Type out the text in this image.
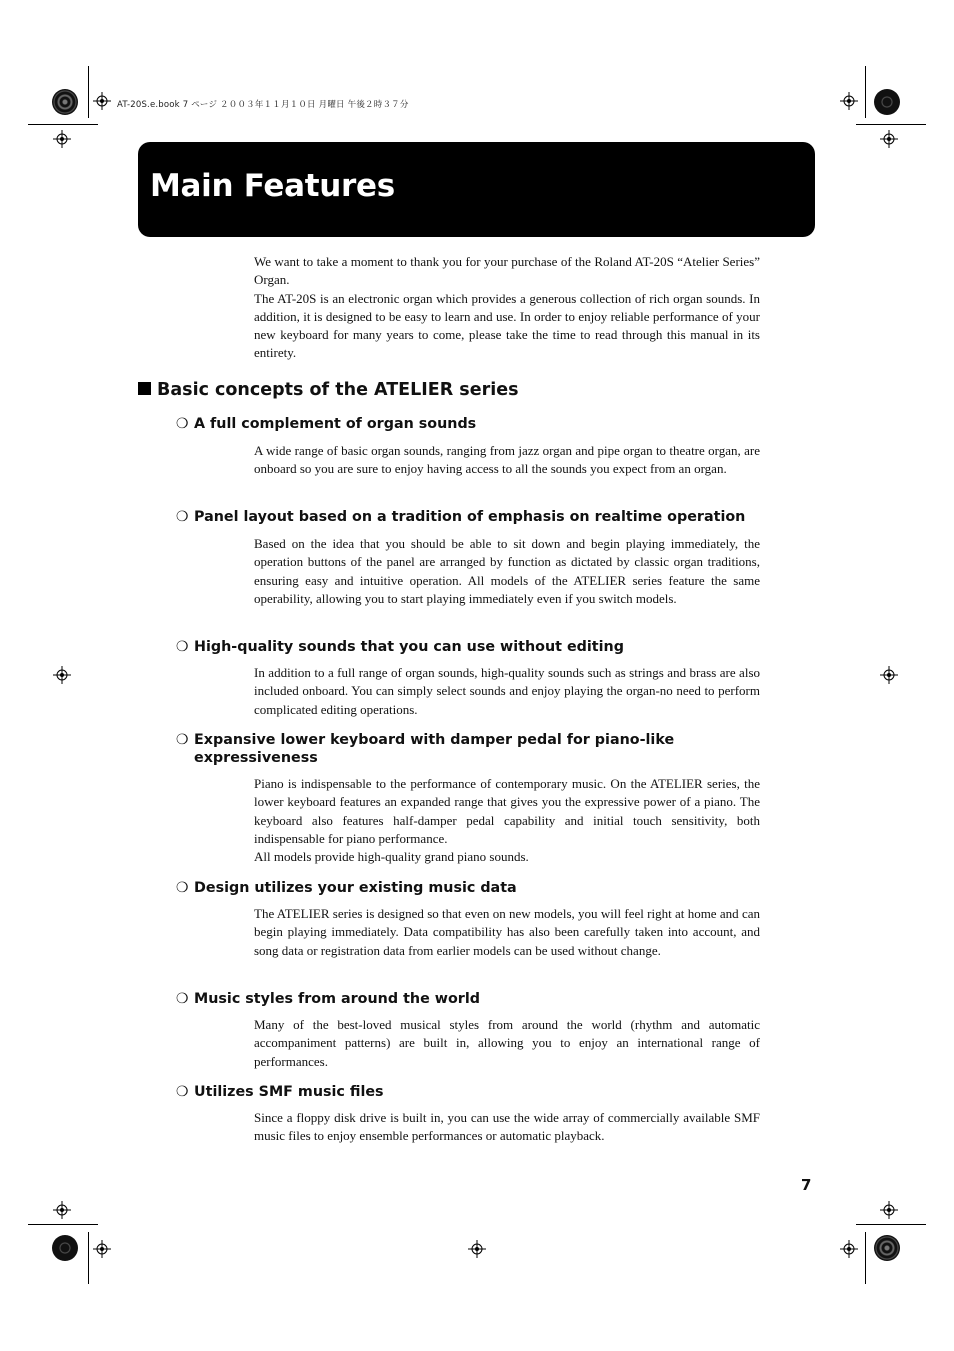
AT-20S.e.book 7 ページ ２００３年１１月１０日 月曜日 午後２時３７分
Main Features

We want to take a moment to thank you for your purchase of the Roland AT-20S “Atelier Series” Organ.

The AT-20S is an electronic organ which provides a generous collection of rich organ sounds. In addition, it is designed to be easy to learn and use. In order to enjoy reliable performance of your new keyboard for many years to come, please take the time to read through this manual in its entirety.

Basic concepts of the ATELIER series
❍ A full complement of organ sounds

A wide range of basic organ sounds, ranging from jazz organ and pipe organ to theatre organ, are onboard so you are sure to enjoy having access to all the sounds you expect from an organ.

❍ Panel layout based on a tradition of emphasis on realtime operation

Based on the idea that you should be able to sit down and begin playing immediately, the operation buttons of the panel are arranged by function as dictated by classic organ traditions, ensuring easy and intuitive operation. All models of the ATELIER series feature the same operability, allowing you to start playing immediately even if you switch models.

❍ High-quality sounds that you can use without editing

In addition to a full range of organ sounds, high-quality sounds such as strings and brass are also included onboard. You can simply select sounds and enjoy playing the organ-no need to perform complicated editing operations.

❍ Expansive lower keyboard with damper pedal for piano-like expressiveness

Piano is indispensable to the performance of contemporary music. On the ATELIER series, the lower keyboard features an expanded range that gives you the expressive power of a piano. The keyboard also features half-damper pedal capability and initial touch sensitivity, both indispensable for piano performance.

All models provide high-quality grand piano sounds.

❍ Design utilizes your existing music data

The ATELIER series is designed so that even on new models, you will feel right at home and can begin playing immediately. Data compatibility has also been carefully taken into account, and song data or registration data from earlier models can be used without change.

❍ Music styles from around the world

Many of the best-loved musical styles from around the world (rhythm and automatic accompaniment patterns) are built in, allowing you to enjoy an international range of performances.

❍ Utilizes SMF music files

Since a floppy disk drive is built in, you can use the wide array of commercially available SMF music files to enjoy ensemble performances or automatic playback.

7
